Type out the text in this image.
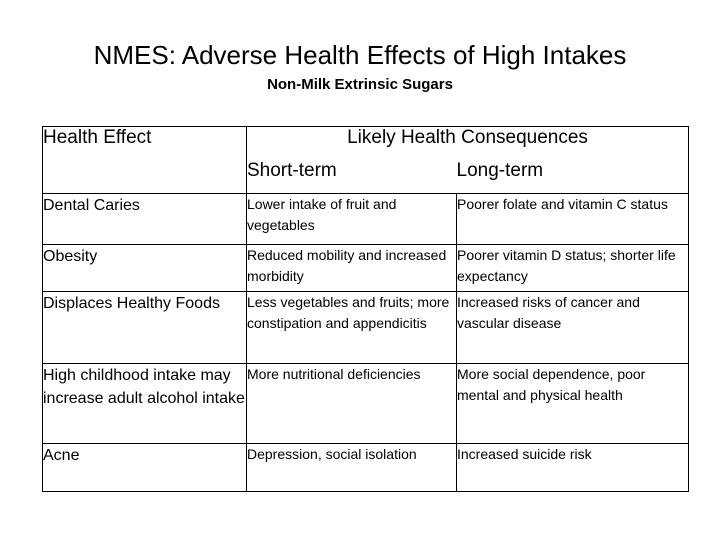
NMES: Adverse Health Effects of High Intakes
Non-Milk Extrinsic Sugars
Health Effect	Likely Health Consequences	
	Short-term	Long-term
Dental Caries	Lower intake of fruit and vegetables	Poorer folate and vitamin C status
Obesity	Reduced mobility and increased morbidity	Poorer vitamin D status; shorter life expectancy
Displaces Healthy Foods	Less vegetables and fruits; more constipation and appendicitis	Increased risks of cancer and vascular disease
High childhood intake may increase adult alcohol intake	More nutritional deficiencies	More social dependence, poor mental and physical health
Acne	Depression, social isolation	Increased suicide risk
